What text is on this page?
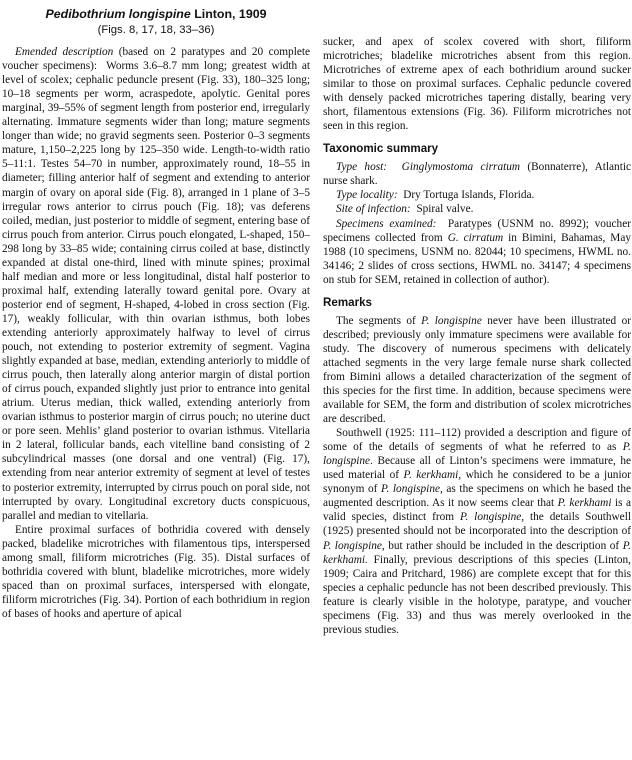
Pedibothrium longispine Linton, 1909
(Figs. 8, 17, 18, 33–36)

Emended description (based on 2 paratypes and 20 complete voucher specimens):  Worms 3.6–8.7 mm long; greatest width at level of scolex; cephalic peduncle present (Fig. 33), 180–325 long; 10–18 segments per worm, acraspedote, apolytic. Genital pores marginal, 39–55% of segment length from posterior end, irregularly alternating. Immature segments wider than long; mature segments longer than wide; no gravid segments seen. Posterior 0–3 segments mature, 1,150–2,225 long by 125–350 wide. Length-to-width ratio 5–11:1. Testes 54–70 in number, approximately round, 18–55 in diameter; filling anterior half of segment and extending to anterior margin of ovary on aporal side (Fig. 8), arranged in 1 plane of 3–5 irregular rows anterior to cirrus pouch (Fig. 18); vas deferens coiled, median, just posterior to middle of segment, entering base of cirrus pouch from anterior. Cirrus pouch elongated, L-shaped, 150–298 long by 33–85 wide; containing cirrus coiled at base, distinctly expanded at distal one-third, lined with minute spines; proximal half median and more or less longitudinal, distal half posterior to proximal half, extending laterally toward genital pore. Ovary at posterior end of segment, H-shaped, 4-lobed in cross section (Fig. 17), weakly follicular, with thin ovarian isthmus, both lobes extending anteriorly approximately halfway to level of cirrus pouch, not extending to posterior extremity of segment. Vagina slightly expanded at base, median, extending anteriorly to middle of cirrus pouch, then laterally along anterior margin of distal portion of cirrus pouch, expanded slightly just prior to entrance into genital atrium. Uterus median, thick walled, extending anteriorly from ovarian isthmus to posterior margin of cirrus pouch; no uterine duct or pore seen. Mehlis’ gland posterior to ovarian isthmus. Vitellaria in 2 lateral, follicular bands, each vitelline band consisting of 2 subcylindrical masses (one dorsal and one ventral) (Fig. 17), extending from near anterior extremity of segment at level of testes to posterior extremity, interrupted by cirrus pouch on poral side, not interrupted by ovary. Longitudinal excretory ducts conspicuous, parallel and median to vitellaria.

Entire proximal surfaces of bothridia covered with densely packed, bladelike microtriches with filamentous tips, interspersed among small, filiform microtriches (Fig. 35). Distal surfaces of bothridia covered with blunt, bladelike microtriches, more widely spaced than on proximal surfaces, interspersed with elongate, filiform microtriches (Fig. 34). Portion of each bothridium in region of bases of hooks and aperture of apical

sucker, and apex of scolex covered with short, filiform microtriches; bladelike microtriches absent from this region. Microtriches of extreme apex of each bothridium around sucker similar to those on proximal surfaces. Cephalic peduncle covered with densely packed microtriches tapering distally, bearing very short, filamentous extensions (Fig. 36). Filiform microtriches not seen in this region.

Taxonomic summary

Type host: Ginglymostoma cirratum (Bonnaterre), Atlantic nurse shark.

Type locality:  Dry Tortuga Islands, Florida.

Site of infection:  Spiral valve.

Specimens examined:  Paratypes (USNM no. 8992); voucher specimens collected from G. cirratum in Bimini, Bahamas, May 1988 (10 specimens, USNM no. 82044; 10 specimens, HWML no. 34146; 2 slides of cross sections, HWML no. 34147; 4 specimens on stub for SEM, retained in collection of author).

Remarks

The segments of P. longispine never have been illustrated or described; previously only immature specimens were available for study. The discovery of numerous specimens with delicately attached segments in the very large female nurse shark collected from Bimini allows a detailed characterization of the segment of this species for the first time. In addition, because specimens were available for SEM, the form and distribution of scolex microtriches are described.

Southwell (1925: 111–112) provided a description and figure of some of the details of segments of what he referred to as P. longispine. Because all of Linton’s specimens were immature, he used material of P. kerkhami, which he considered to be a junior synonym of P. longispine, as the specimens on which he based the augmented description. As it now seems clear that P. kerkhami is a valid species, distinct from P. longispine, the details Southwell (1925) presented should not be incorporated into the description of P. longispine, but rather should be included in the description of P. kerkhami. Finally, previous descriptions of this species (Linton, 1909; Caira and Pritchard, 1986) are complete except that for this species a cephalic peduncle has not been described previously. This feature is clearly visible in the holotype, paratype, and voucher specimens (Fig. 33) and thus was merely overlooked in the previous studies.
